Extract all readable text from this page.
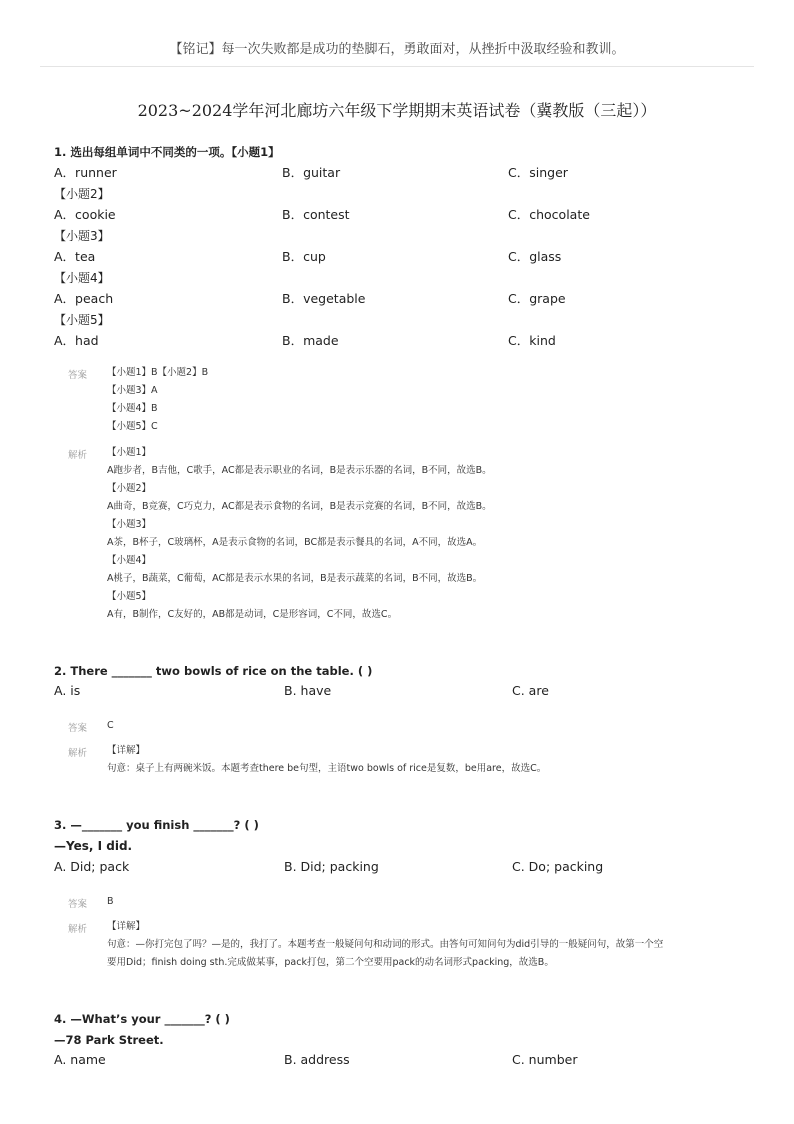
【铭记】每一次失败都是成功的垫脚石，勇敢面对，从挫折中汲取经验和教训。
2023~2024学年河北廊坊六年级下学期期末英语试卷（冀教版（三起））
1. 选出每组单词中不同类的一项。【小题1】
A．runner	B．guitar	C．singer
【小题2】
A．cookie	B．contest	C．chocolate
【小题3】
A．tea	B．cup	C．glass
【小题4】
A．peach	B．vegetable	C．grape
【小题5】
A．had	B．made	C．kind
答案 【小题1】B【小题2】B
【小题3】A
【小题4】B
【小题5】C
解析 【小题1】
A跑步者，B吉他，C歌手，AC都是表示职业的名词，B是表示乐器的名词，B不同，故选B。
【小题2】
A曲奇，B竞赛，C巧克力，AC都是表示食物的名词，B是表示竞赛的名词，B不同，故选B。
【小题3】
A茶，B杯子，C玻璃杯，A是表示食物的名词，BC都是表示餐具的名词，A不同，故选A。
【小题4】
A桃子，B蔬菜，C葡萄，AC都是表示水果的名词，B是表示蔬菜的名词，B不同，故选B。
【小题5】
A有，B制作，C友好的，AB都是动词，C是形容词，C不同，故选C。
2. There _______ two bowls of rice on the table. ( )
A. is	B. have	C. are
答案 C
解析 【详解】
句意：桌子上有两碗米饭。本题考查there be句型，主语two bowls of rice是复数，be用are，故选C。
3. —_______ you finish _______? ( )
—Yes, I did.
A. Did; pack	B. Did; packing	C. Do; packing
答案 B
解析 【详解】
句意：—你打完包了吗？—是的，我打了。本题考查一般疑问句和动词的形式。由答句可知问句为did引导的一般疑问句，故第一个空
要用Did；finish doing sth.完成做某事，pack打包，第二个空要用pack的动名词形式packing，故选B。
4. —What’s your _______? ( )
—78 Park Street.
A. name	B. address	C. number
